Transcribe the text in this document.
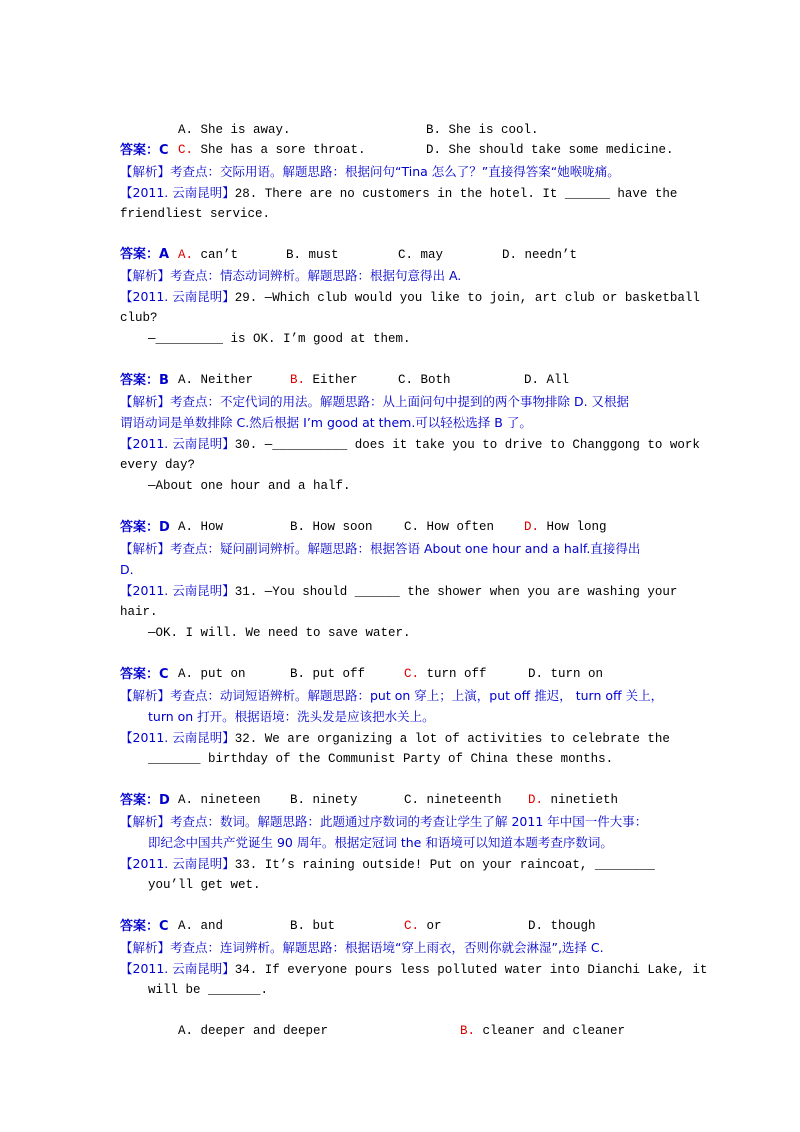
A. She is away.	B. She is cool.

C. She has a sore throat.	D. She should take some medicine.

答案：C
【解析】考查点：交际用语。解题思路：根据问句“Tina 怎么了？”直接得答案“她喉咙痛。
【2011. 云南昆明】28. There are no customers in the hotel. It ______ have the
friendliest service.

A. can’t	B. must	C. may	D. needn’t

答案：A
【解析】考查点：情态动词辨析。解题思路：根据句意得出 A.
【2011. 云南昆明】29. —Which club would you like to join, art club or basketball
club?
—_________ is OK. I’m good at them.

A. Neither	B. Either	C. Both	D. All

答案：B
【解析】考查点：不定代词的用法。解题思路：从上面问句中提到的两个事物排除 D. 又根据
谓语动词是单数排除 C.然后根据 I’m good at them.可以轻松选择 B 了。
【2011. 云南昆明】30. —__________ does it take you to drive to Changgong to work
every day?
—About one hour and a half.

A. How	B. How soon	C. How often D. How long

答案：D
【解析】考查点：疑问副词辨析。解题思路：根据答语 About one hour and a half.直接得出
D.
【2011. 云南昆明】31. —You should ______ the shower when you are washing your
hair.
—OK. I will. We need to save water.

A. put on	B. put off	C. turn off	D. turn on

答案：C
【解析】考查点：动词短语辨析。解题思路：put on 穿上；上演，put off 推迟， turn off 关上，
turn on 打开。根据语境：洗头发是应该把水关上。
【2011. 云南昆明】32. We are organizing a lot of activities to celebrate the
_______ birthday of the Communist Party of China these months.

A. nineteen B. ninety	C. nineteenth D. ninetieth

答案：D
【解析】考查点：数词。解题思路：此题通过序数词的考查让学生了解 2011 年中国一件大事：
即纪念中国共产党诞生 90 周年。根据定冠词 the 和语境可以知道本题考查序数词。
【2011. 云南昆明】33. It’s raining outside! Put on your raincoat, ________
you’ll get wet.

A. and	B. but	C. or	D. though

答案：C
【解析】考查点：连词辨析。解题思路：根据语境“穿上雨衣，否则你就会淋湿”,选择 C.
【2011. 云南昆明】34. If everyone pours less polluted water into Dianchi Lake, it
will be _______.

A. deeper and deeper	B. cleaner and cleaner
